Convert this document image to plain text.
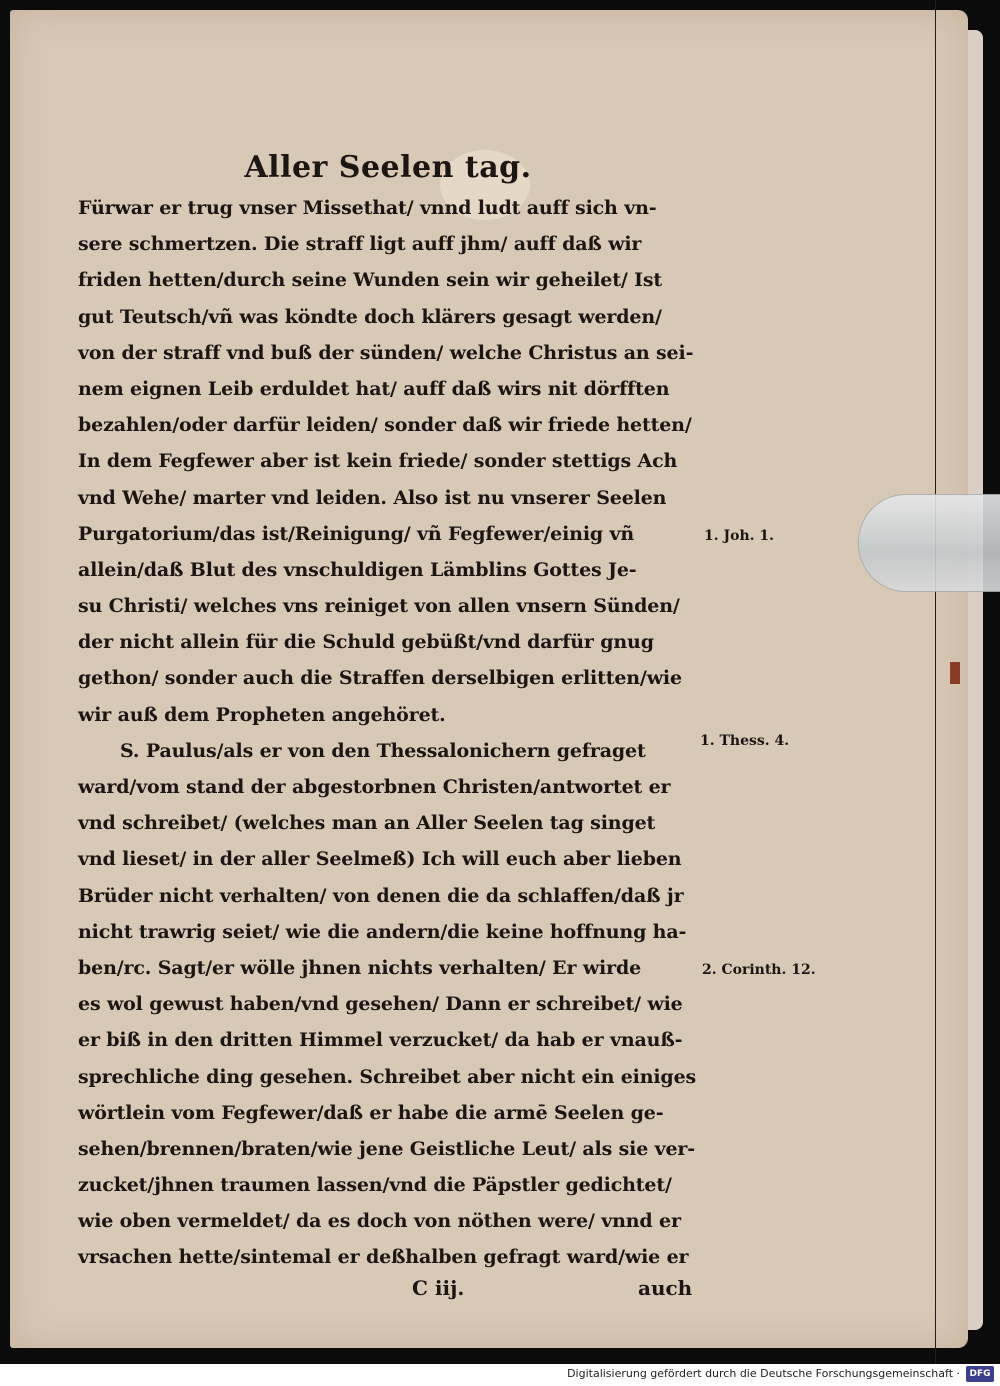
Aller Seelen tag.
Fürwar er trug vnser Missethat/ vnnd ludt auff sich vn-
sere schmertzen. Die straff ligt auff jhm/ auff daß wir
friden hetten/durch seine Wunden sein wir geheilet/ Ist
gut Teutsch/vñ was köndte doch klärers gesagt werden/
von der straff vnd buß der sünden/ welche Christus an sei-
nem eignen Leib erduldet hat/ auff daß wirs nit dörfften
bezahlen/oder darfür leiden/ sonder daß wir friede hetten/
In dem Fegfewer aber ist kein friede/ sonder stettigs Ach
vnd Wehe/ marter vnd leiden. Also ist nu vnserer Seelen
Purgatorium/das ist/Reinigung/ vñ Fegfewer/einig vñ
allein/daß Blut des vnschuldigen Lämblins Gottes Je-
su Christi/ welches vns reiniget von allen vnsern Sünden/
der nicht allein für die Schuld gebüßt/vnd darfür gnug
gethon/ sonder auch die Straffen derselbigen erlitten/wie
wir auß dem Propheten angehöret.
S. Paulus/als er von den Thessalonichern gefraget
ward/vom stand der abgestorbnen Christen/antwortet er
vnd schreibet/ (welches man an Aller Seelen tag singet
vnd lieset/ in der aller Seelmeß) Ich will euch aber lieben
Brüder nicht verhalten/ von denen die da schlaffen/daß jr
nicht trawrig seiet/ wie die andern/die keine hoffnung ha-
ben/rc. Sagt/er wölle jhnen nichts verhalten/ Er wirde
es wol gewust haben/vnd gesehen/ Dann er schreibet/ wie
er biß in den dritten Himmel verzucket/ da hab er vnauß-
sprechliche ding gesehen. Schreibet aber nicht ein einiges
wörtlein vom Fegfewer/daß er habe die armē Seelen ge-
sehen/brennen/braten/wie jene Geistliche Leut/ als sie ver-
zucket/jhnen traumen lassen/vnd die Päpstler gedichtet/
wie oben vermeldet/ da es doch von nöthen were/ vnnd er
vrsachen hette/sintemal er deßhalben gefragt ward/wie er
C iij.	auch
1. Joh. 1.
1. Thess. 4.
2. Corinth. 12.
Digitalisierung gefördert durch die Deutsche Forschungsgemeinschaft ·	DFG
